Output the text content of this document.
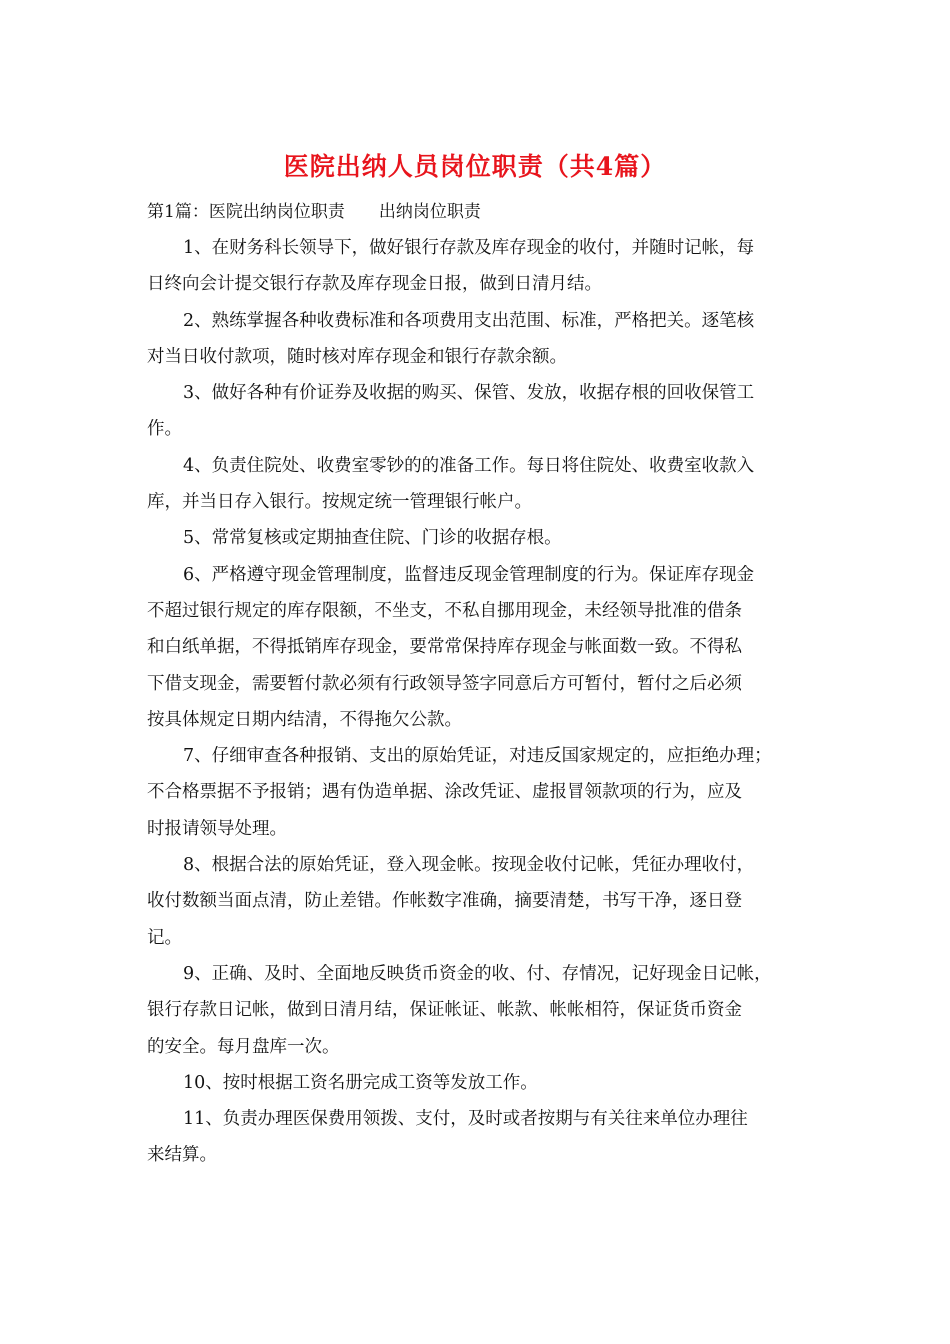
医院出纳人员岗位职责（共4篇）
第1篇：医院出纳岗位职责　　出纳岗位职责
1、在财务科长领导下，做好银行存款及库存现金的收付，并随时记帐，每
日终向会计提交银行存款及库存现金日报，做到日清月结。
2、熟练掌握各种收费标准和各项费用支出范围、标准，严格把关。逐笔核
对当日收付款项，随时核对库存现金和银行存款余额。
3、做好各种有价证券及收据的购买、保管、发放，收据存根的回收保管工
作。
4、负责住院处、收费室零钞的的准备工作。每日将住院处、收费室收款入
库，并当日存入银行。按规定统一管理银行帐户。
5、常常复核或定期抽查住院、门诊的收据存根。
6、严格遵守现金管理制度，监督违反现金管理制度的行为。保证库存现金
不超过银行规定的库存限额，不坐支，不私自挪用现金，未经领导批准的借条
和白纸单据，不得抵销库存现金，要常常保持库存现金与帐面数一致。不得私
下借支现金，需要暂付款必须有行政领导签字同意后方可暂付，暂付之后必须
按具体规定日期内结清，不得拖欠公款。
7、仔细审查各种报销、支出的原始凭证，对违反国家规定的，应拒绝办理；
不合格票据不予报销；遇有伪造单据、涂改凭证、虚报冒领款项的行为，应及
时报请领导处理。
8、根据合法的原始凭证，登入现金帐。按现金收付记帐，凭征办理收付，
收付数额当面点清，防止差错。作帐数字准确，摘要清楚，书写干净，逐日登
记。
9、正确、及时、全面地反映货币资金的收、付、存情况，记好现金日记帐，
银行存款日记帐，做到日清月结，保证帐证、帐款、帐帐相符，保证货币资金
的安全。每月盘库一次。
10、按时根据工资名册完成工资等发放工作。
11、负责办理医保费用领拨、支付，及时或者按期与有关往来单位办理往
来结算。
